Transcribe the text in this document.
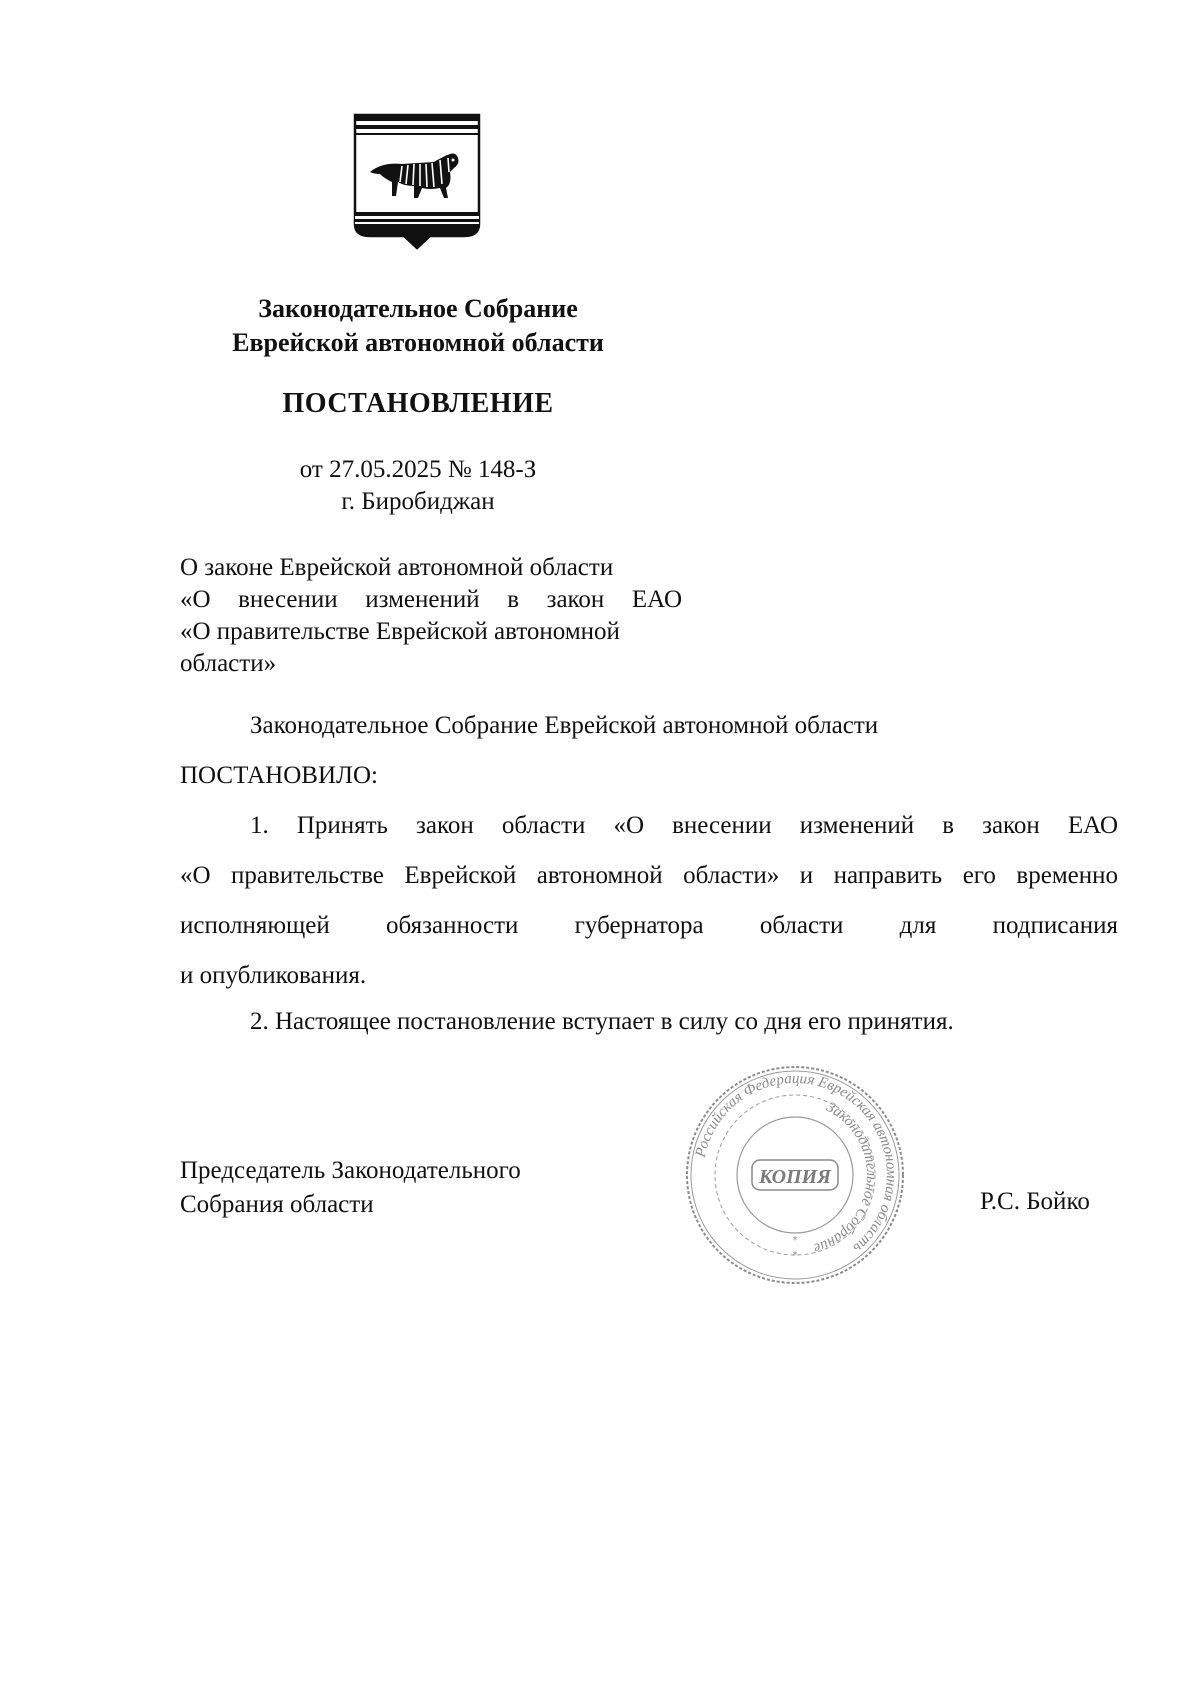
Законодательное Собрание
Еврейской автономной области
ПОСТАНОВЛЕНИЕ
от 27.05.2025 № 148-З
г. Биробиджан
О законе Еврейской автономной области
«О внесении изменений в закон ЕАО
«О правительстве Еврейской автономной
области»
Законодательное Собрание Еврейской автономной области
ПОСТАНОВИЛО:
1. Принять закон области «О внесении изменений в закон ЕАО
«О правительстве Еврейской автономной области» и направить его временно
исполняющей обязанности губернатора области для подписания
и опубликования.
2. Настоящее постановление вступает в силу со дня его принятия.
Председатель Законодательного
Собрания области	Р.С. Бойко
Российская Федерация Еврейская автономная область
Законодательное Собрание
КОПИЯ
*
*
